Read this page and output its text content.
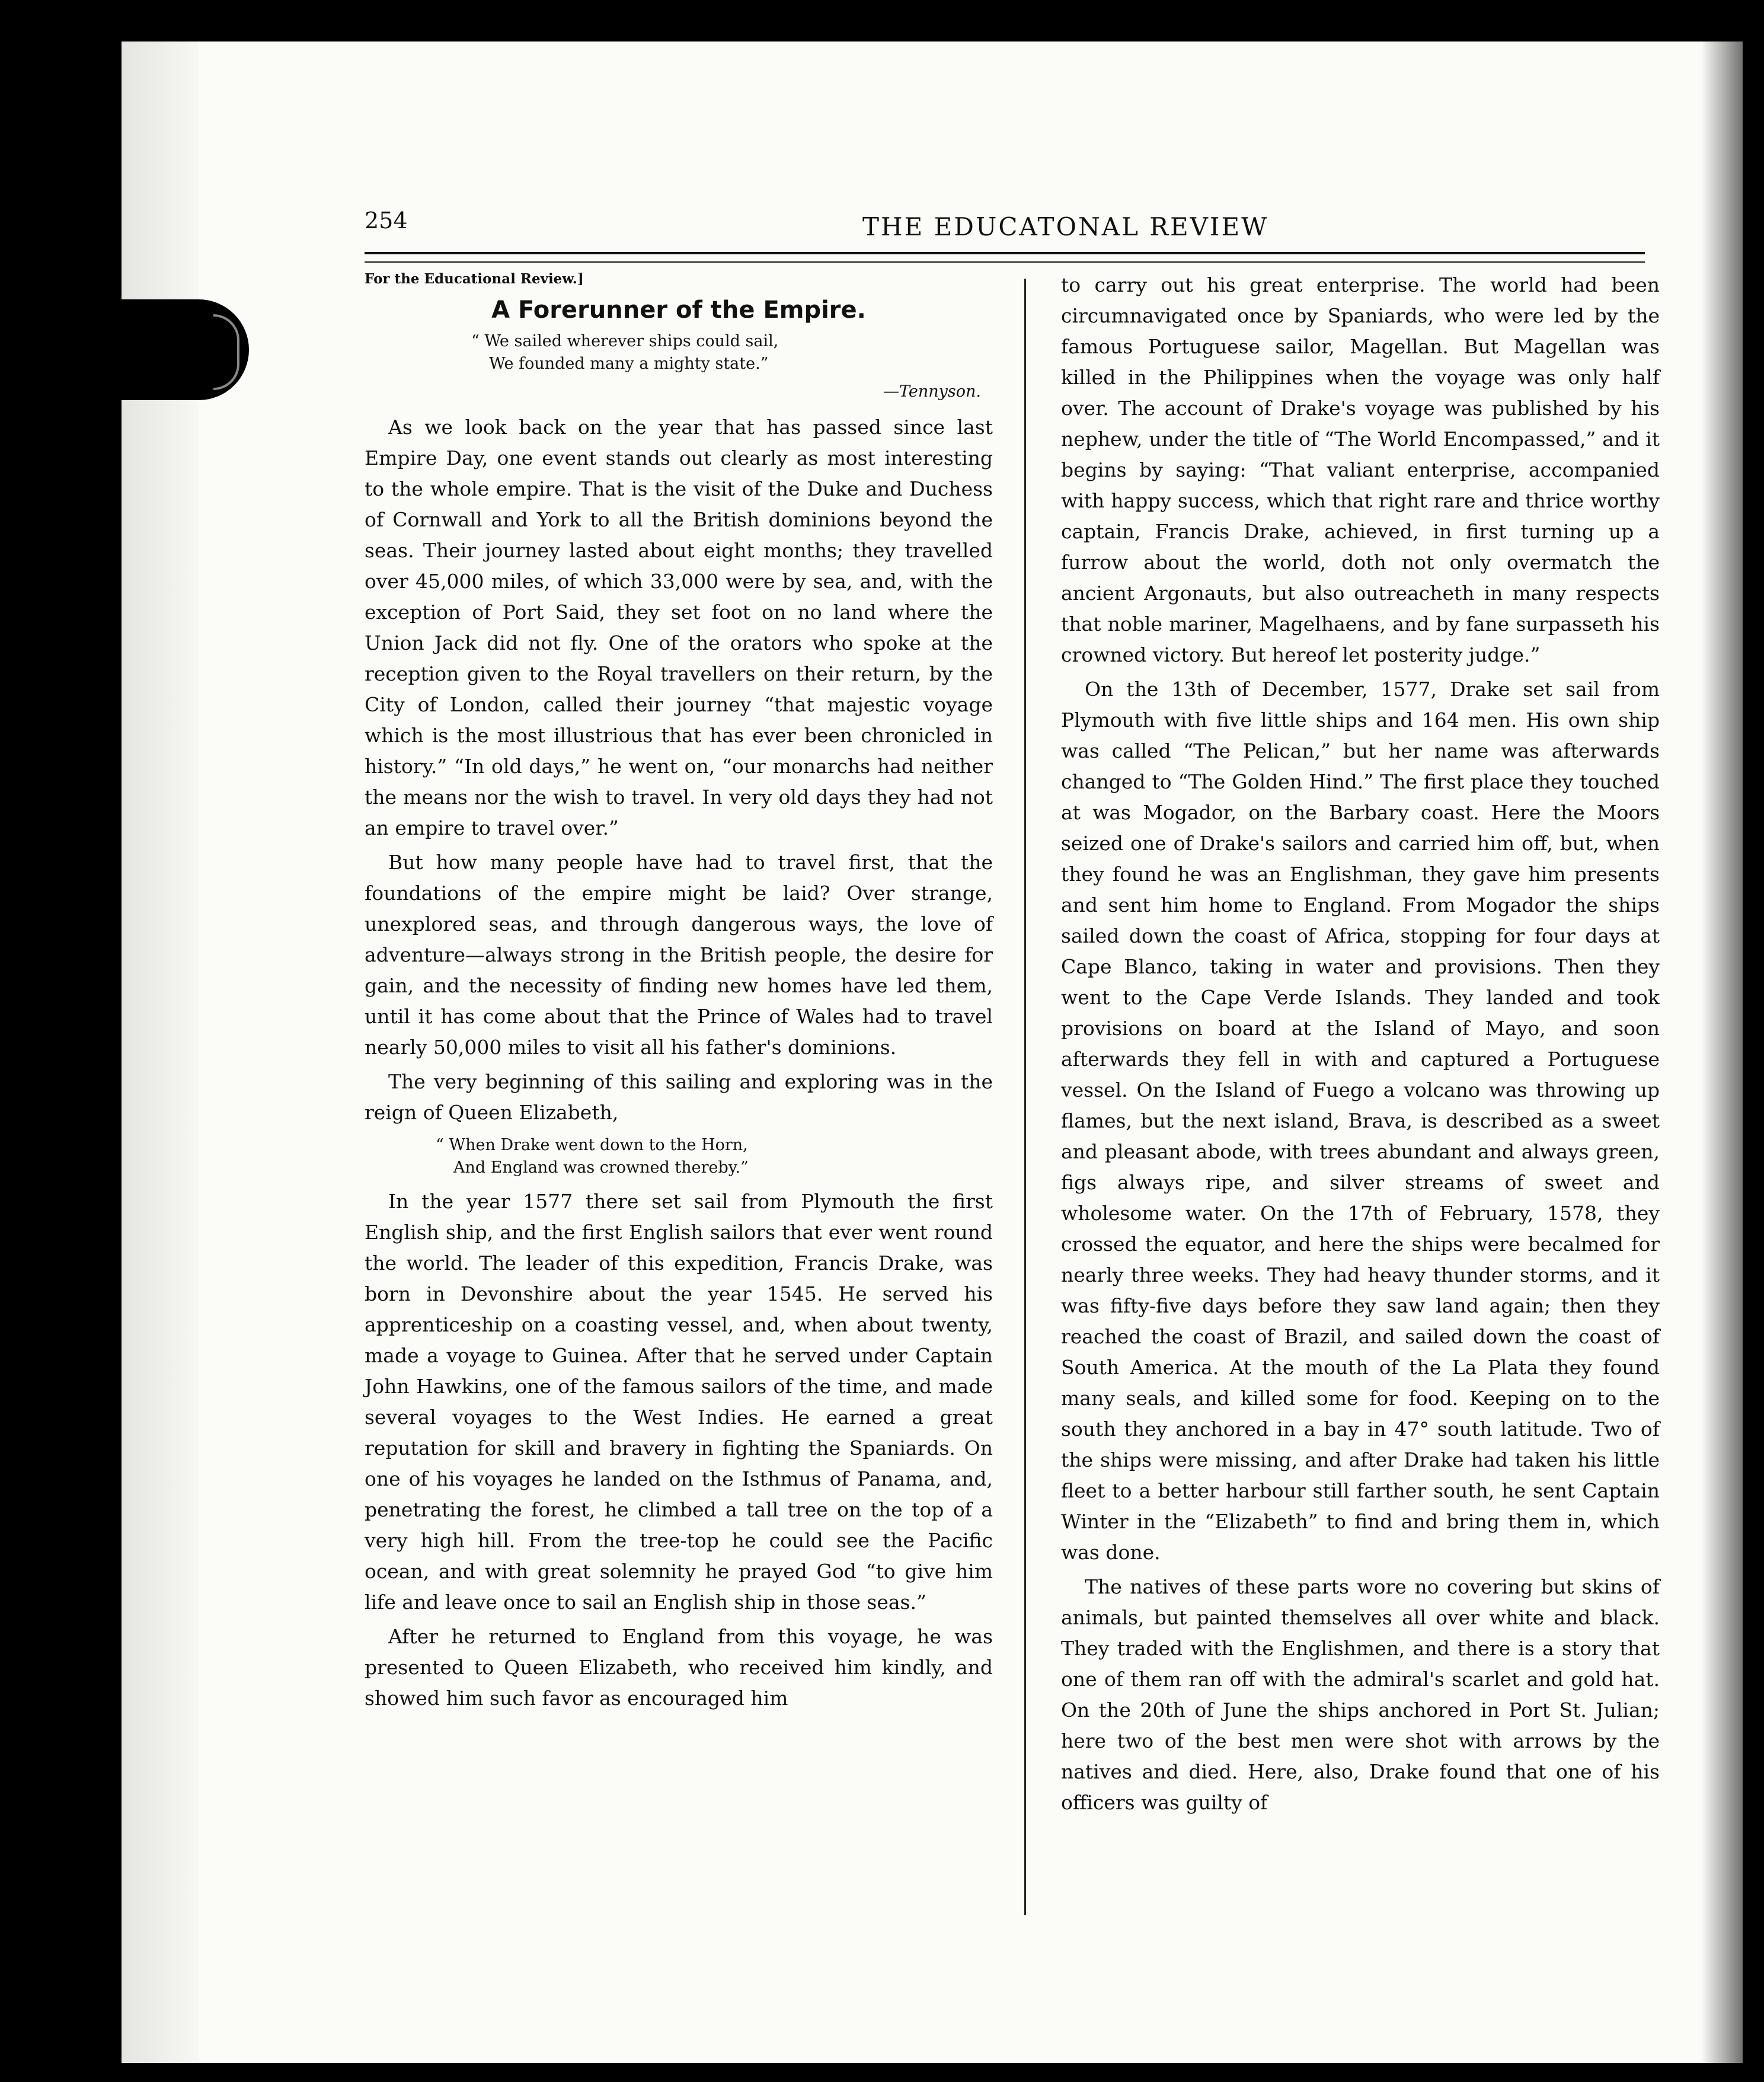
254	THE EDUCATONAL REVIEW

For the Educational Review.]

A Forerunner of the Empire.
“ We sailed wherever ships could sail,
We founded many a mighty state.”
—Tennyson.

As we look back on the year that has passed since last Empire Day, one event stands out clearly as most interesting to the whole empire. That is the visit of the Duke and Duchess of Cornwall and York to all the British dominions beyond the seas. Their journey lasted about eight months; they travelled over 45,000 miles, of which 33,000 were by sea, and, with the exception of Port Said, they set foot on no land where the Union Jack did not fly. One of the orators who spoke at the reception given to the Royal travellers on their return, by the City of London, called their journey “that majestic voyage which is the most illustrious that has ever been chronicled in history.” “In old days,” he went on, “our monarchs had neither the means nor the wish to travel. In very old days they had not an empire to travel over.”

But how many people have had to travel first, that the foundations of the empire might be laid? Over strange, unexplored seas, and through dangerous ways, the love of adventure—always strong in the British people, the desire for gain, and the necessity of finding new homes have led them, until it has come about that the Prince of Wales had to travel nearly 50,000 miles to visit all his father's dominions.

The very beginning of this sailing and exploring was in the reign of Queen Elizabeth,

“ When Drake went down to the Horn,
And England was crowned thereby.”

In the year 1577 there set sail from Plymouth the first English ship, and the first English sailors that ever went round the world. The leader of this expedition, Francis Drake, was born in Devonshire about the year 1545. He served his apprenticeship on a coasting vessel, and, when about twenty, made a voyage to Guinea. After that he served under Captain John Hawkins, one of the famous sailors of the time, and made several voyages to the West Indies. He earned a great reputation for skill and bravery in fighting the Spaniards. On one of his voyages he landed on the Isthmus of Panama, and, penetrating the forest, he climbed a tall tree on the top of a very high hill. From the tree-top he could see the Pacific ocean, and with great solemnity he prayed God “to give him life and leave once to sail an English ship in those seas.”

After he returned to England from this voyage, he was presented to Queen Elizabeth, who received him kindly, and showed him such favor as encouraged him

to carry out his great enterprise. The world had been circumnavigated once by Spaniards, who were led by the famous Portuguese sailor, Magellan. But Magellan was killed in the Philippines when the voyage was only half over. The account of Drake's voyage was published by his nephew, under the title of “The World Encompassed,” and it begins by saying: “That valiant enterprise, accompanied with happy success, which that right rare and thrice worthy captain, Francis Drake, achieved, in first turning up a furrow about the world, doth not only overmatch the ancient Argonauts, but also outreacheth in many respects that noble mariner, Magelhaens, and by fane surpasseth his crowned victory. But hereof let posterity judge.”

On the 13th of December, 1577, Drake set sail from Plymouth with five little ships and 164 men. His own ship was called “The Pelican,” but her name was afterwards changed to “The Golden Hind.” The first place they touched at was Mogador, on the Barbary coast. Here the Moors seized one of Drake's sailors and carried him off, but, when they found he was an Englishman, they gave him presents and sent him home to England. From Mogador the ships sailed down the coast of Africa, stopping for four days at Cape Blanco, taking in water and provisions. Then they went to the Cape Verde Islands. They landed and took provisions on board at the Island of Mayo, and soon afterwards they fell in with and captured a Portuguese vessel. On the Island of Fuego a volcano was throwing up flames, but the next island, Brava, is described as a sweet and pleasant abode, with trees abundant and always green, figs always ripe, and silver streams of sweet and wholesome water. On the 17th of February, 1578, they crossed the equator, and here the ships were becalmed for nearly three weeks. They had heavy thunder storms, and it was fifty-five days before they saw land again; then they reached the coast of Brazil, and sailed down the coast of South America. At the mouth of the La Plata they found many seals, and killed some for food. Keeping on to the south they anchored in a bay in 47° south latitude. Two of the ships were missing, and after Drake had taken his little fleet to a better harbour still farther south, he sent Captain Winter in the “Elizabeth” to find and bring them in, which was done.

The natives of these parts wore no covering but skins of animals, but painted themselves all over white and black. They traded with the Englishmen, and there is a story that one of them ran off with the admiral's scarlet and gold hat. On the 20th of June the ships anchored in Port St. Julian; here two of the best men were shot with arrows by the natives and died. Here, also, Drake found that one of his officers was guilty of
